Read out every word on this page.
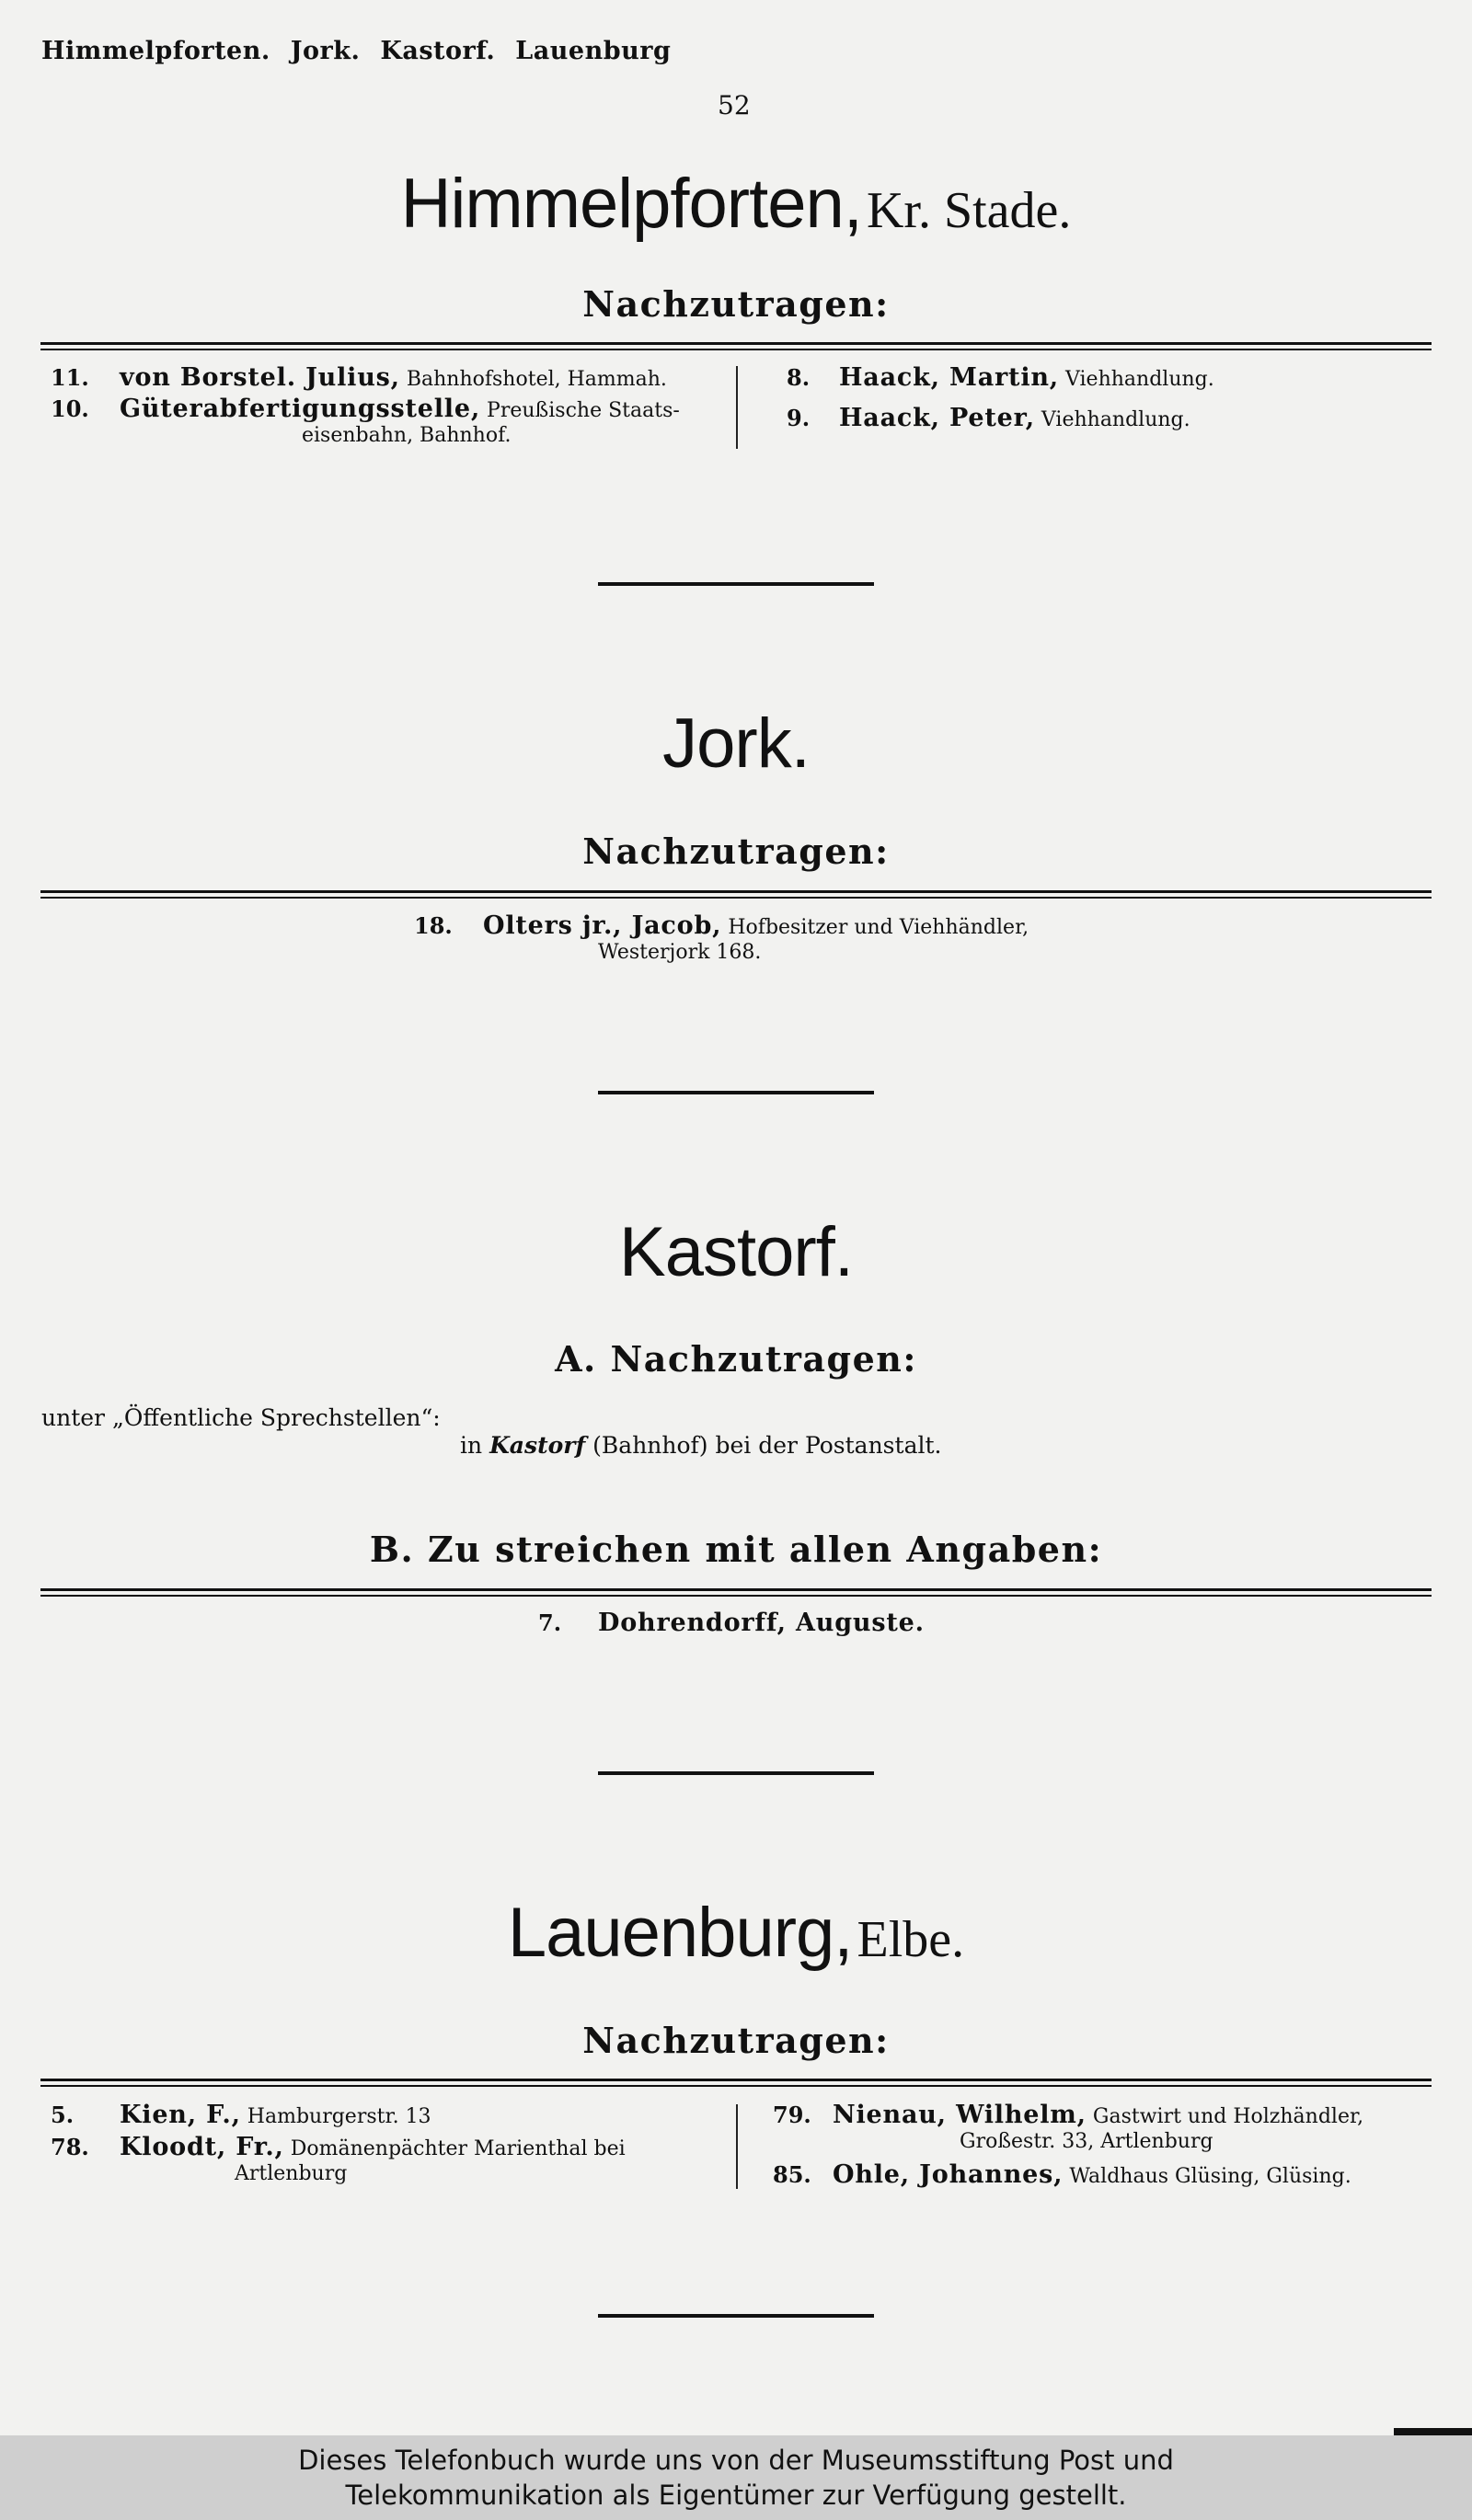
Himmelpforten. Jork. Kastorf. Lauenburg
52
Himmelpforten, Kr. Stade.
Nachzutragen:
11. von Borstel. Julius, Bahnhofshotel, Hammah.
10. Güterabfertigungsstelle, Preußische Staats-
eisenbahn, Bahnhof.
8. Haack, Martin, Viehhandlung.
9. Haack, Peter, Viehhandlung.
Jork.
Nachzutragen:
18. Olters jr., Jacob, Hofbesitzer und Viehhändler,
Westerjork 168.
Kastorf.
A. Nachzutragen:
unter „Öffentliche Sprechstellen“:
in Kastorf (Bahnhof) bei der Postanstalt.
B. Zu streichen mit allen Angaben:
7. Dohrendorff, Auguste.
Lauenburg, Elbe.
Nachzutragen:
5. Kien, F., Hamburgerstr. 13
78. Kloodt, Fr., Domänenpächter Marienthal bei
Artlenburg
79. Nienau, Wilhelm, Gastwirt und Holzhändler,
Großestr. 33, Artlenburg
85. Ohle, Johannes, Waldhaus Glüsing, Glüsing.
Dieses Telefonbuch wurde uns von der Museumsstiftung Post und
Telekommunikation als Eigentümer zur Verfügung gestellt.
